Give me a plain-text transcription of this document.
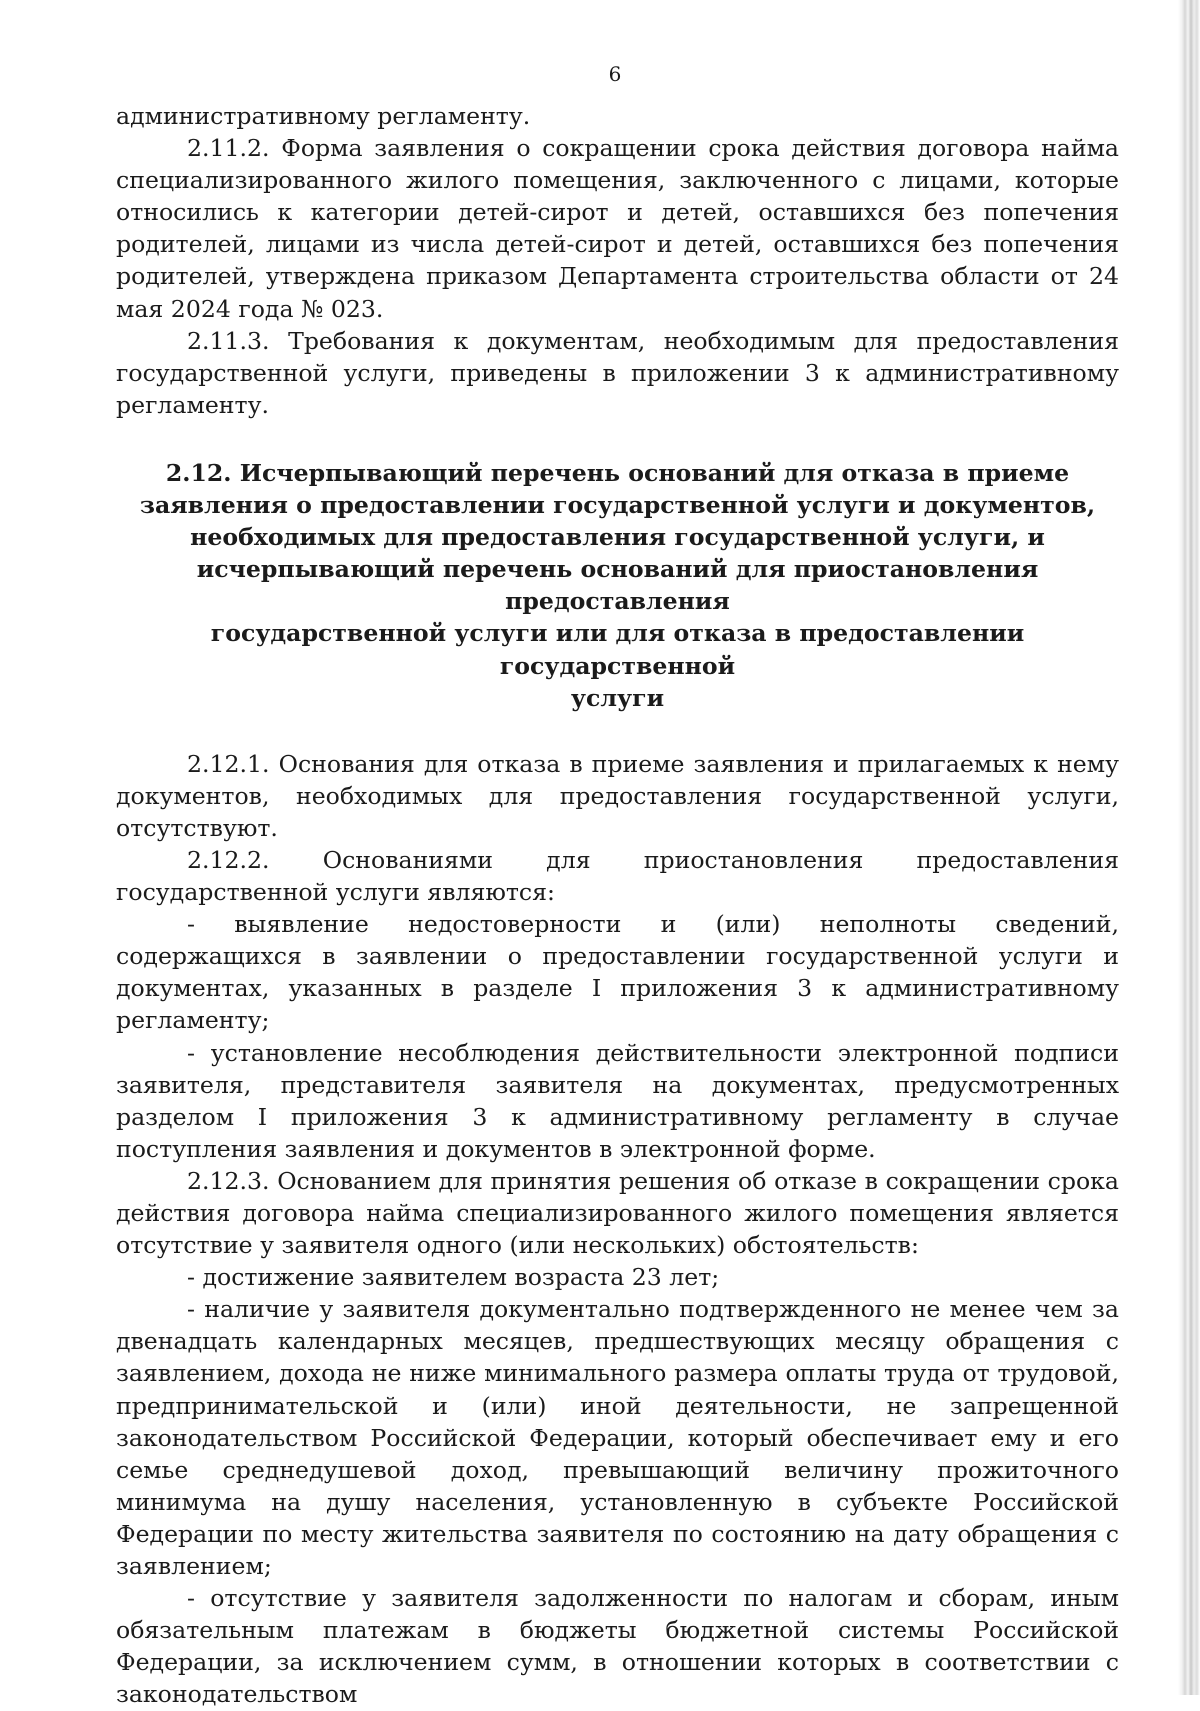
6

административному регламенту.

2.11.2. Форма заявления о сокращении срока действия договора найма специализированного жилого помещения, заключенного с лицами, которые относились к категории детей-сирот и детей, оставшихся без попечения родителей, лицами из числа детей-сирот и детей, оставшихся без попечения родителей, утверждена приказом Департамента строительства области от 24 мая 2024 года № 023.

2.11.3. Требования к документам, необходимым для предоставления государственной услуги, приведены в приложении 3 к административному регламенту.

2.12. Исчерпывающий перечень оснований для отказа в приеме
заявления о предоставлении государственной услуги и документов,
необходимых для предоставления государственной услуги, и
исчерпывающий перечень оснований для приостановления предоставления
государственной услуги или для отказа в предоставлении государственной
услуги

2.12.1. Основания для отказа в приеме заявления и прилагаемых к нему документов, необходимых для предоставления государственной услуги, отсутствуют.

2.12.2. Основаниями для приостановления предоставления государственной услуги являются:

- выявление недостоверности и (или) неполноты сведений, содержащихся в заявлении о предоставлении государственной услуги и документах, указанных в разделе I приложения 3 к административному регламенту;

- установление несоблюдения действительности электронной подписи заявителя, представителя заявителя на документах, предусмотренных разделом I приложения 3 к административному регламенту в случае поступления заявления и документов в электронной форме.

2.12.3. Основанием для принятия решения об отказе в сокращении срока действия договора найма специализированного жилого помещения является отсутствие у заявителя одного (или нескольких) обстоятельств:

- достижение заявителем возраста 23 лет;

- наличие у заявителя документально подтвержденного не менее чем за двенадцать календарных месяцев, предшествующих месяцу обращения с заявлением, дохода не ниже минимального размера оплаты труда от трудовой, предпринимательской и (или) иной деятельности, не запрещенной законодательством Российской Федерации, который обеспечивает ему и его семье среднедушевой доход, превышающий величину прожиточного минимума на душу населения, установленную в субъекте Российской Федерации по месту жительства заявителя по состоянию на дату обращения с заявлением;

- отсутствие у заявителя задолженности по налогам и сборам, иным обязательным платежам в бюджеты бюджетной системы Российской Федерации, за исключением сумм, в отношении которых в соответствии с законодательством
